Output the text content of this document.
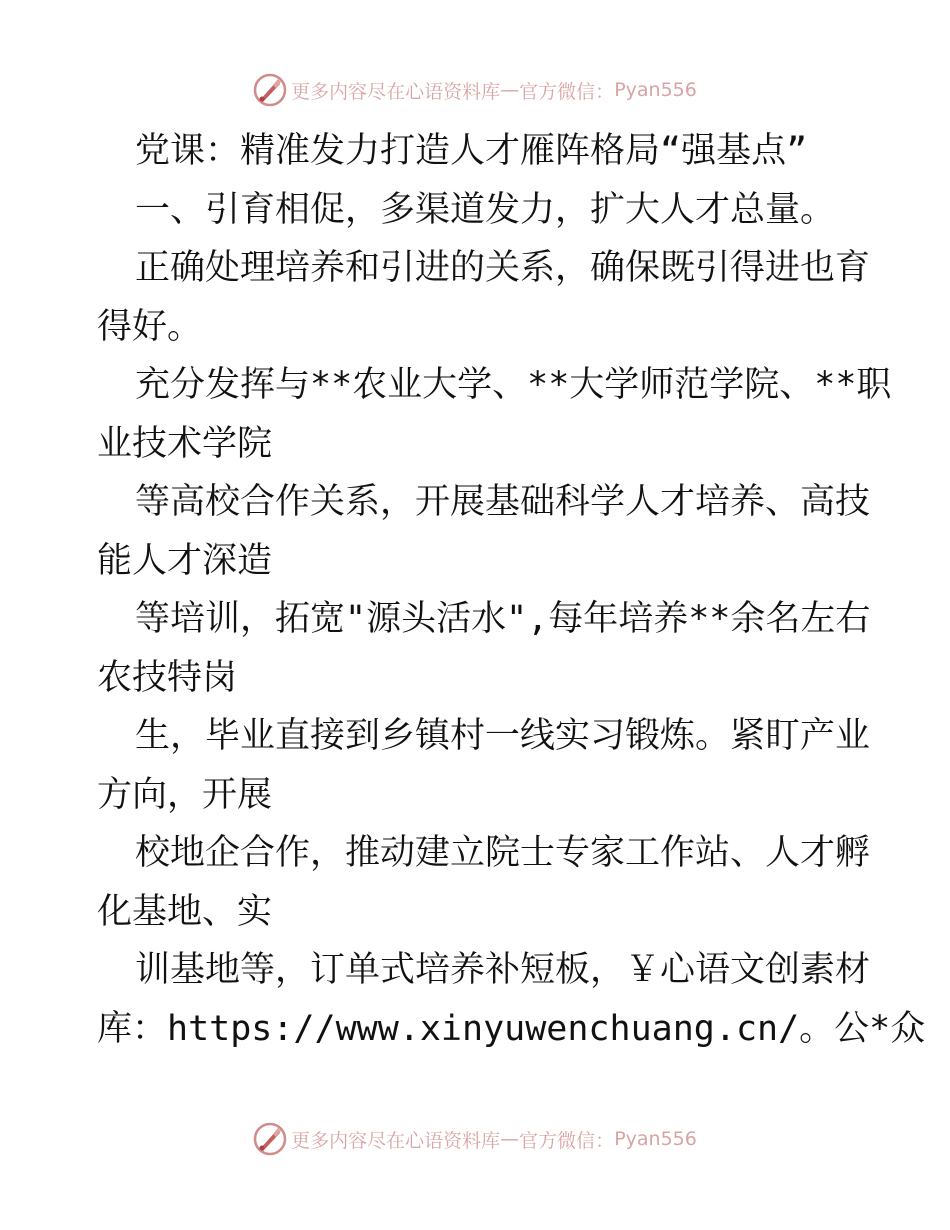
更多内容尽在心语资料库 — 官方微信： Pyan556
党课：精准发力打造人才雁阵格局“强基点”
一、引育相促，多渠道发力，扩大人才总量。
正确处理培养和引进的关系，确保既引得进也育
得好。
充分发挥与**农业大学、**大学师范学院、**职
业技术学院
等高校合作关系，开展基础科学人才培养、高技
能人才深造
等培训，拓宽"源头活水",每年培养**余名左右
农技特岗
生，毕业直接到乡镇村一线实习锻炼。紧盯产业
方向，开展
校地企合作，推动建立院士专家工作站、人才孵
化基地、实
训基地等，订单式培养补短板，￥心语文创素材
库：https://www.xinyuwenchuang.cn/。公*众
更多内容尽在心语资料库 — 官方微信： Pyan556
